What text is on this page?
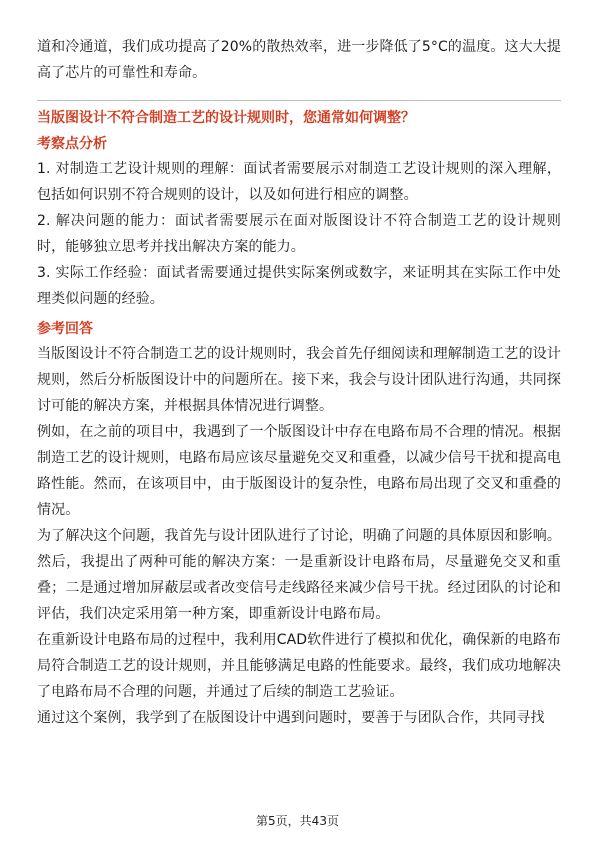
道和冷通道，我们成功提高了20%的散热效率，进一步降低了5°C的温度。这大大提高了芯片的可靠性和寿命。

当版图设计不符合制造工艺的设计规则时，您通常如何调整？
考察点分析

1. 对制造工艺设计规则的理解：面试者需要展示对制造工艺设计规则的深入理解，包括如何识别不符合规则的设计，以及如何进行相应的调整。

2. 解决问题的能力：面试者需要展示在面对版图设计不符合制造工艺的设计规则时，能够独立思考并找出解决方案的能力。

3. 实际工作经验：面试者需要通过提供实际案例或数字，来证明其在实际工作中处理类似问题的经验。

参考回答

当版图设计不符合制造工艺的设计规则时，我会首先仔细阅读和理解制造工艺的设计规则，然后分析版图设计中的问题所在。接下来，我会与设计团队进行沟通，共同探讨可能的解决方案，并根据具体情况进行调整。

例如，在之前的项目中，我遇到了一个版图设计中存在电路布局不合理的情况。根据制造工艺的设计规则，电路布局应该尽量避免交叉和重叠，以减少信号干扰和提高电路性能。然而，在该项目中，由于版图设计的复杂性，电路布局出现了交叉和重叠的情况。

为了解决这个问题，我首先与设计团队进行了讨论，明确了问题的具体原因和影响。然后，我提出了两种可能的解决方案：一是重新设计电路布局，尽量避免交叉和重叠；二是通过增加屏蔽层或者改变信号走线路径来减少信号干扰。经过团队的讨论和评估，我们决定采用第一种方案，即重新设计电路布局。

在重新设计电路布局的过程中，我利用CAD软件进行了模拟和优化，确保新的电路布局符合制造工艺的设计规则，并且能够满足电路的性能要求。最终，我们成功地解决了电路布局不合理的问题，并通过了后续的制造工艺验证。

通过这个案例，我学到了在版图设计中遇到问题时，要善于与团队合作，共同寻找

第5页，共43页
